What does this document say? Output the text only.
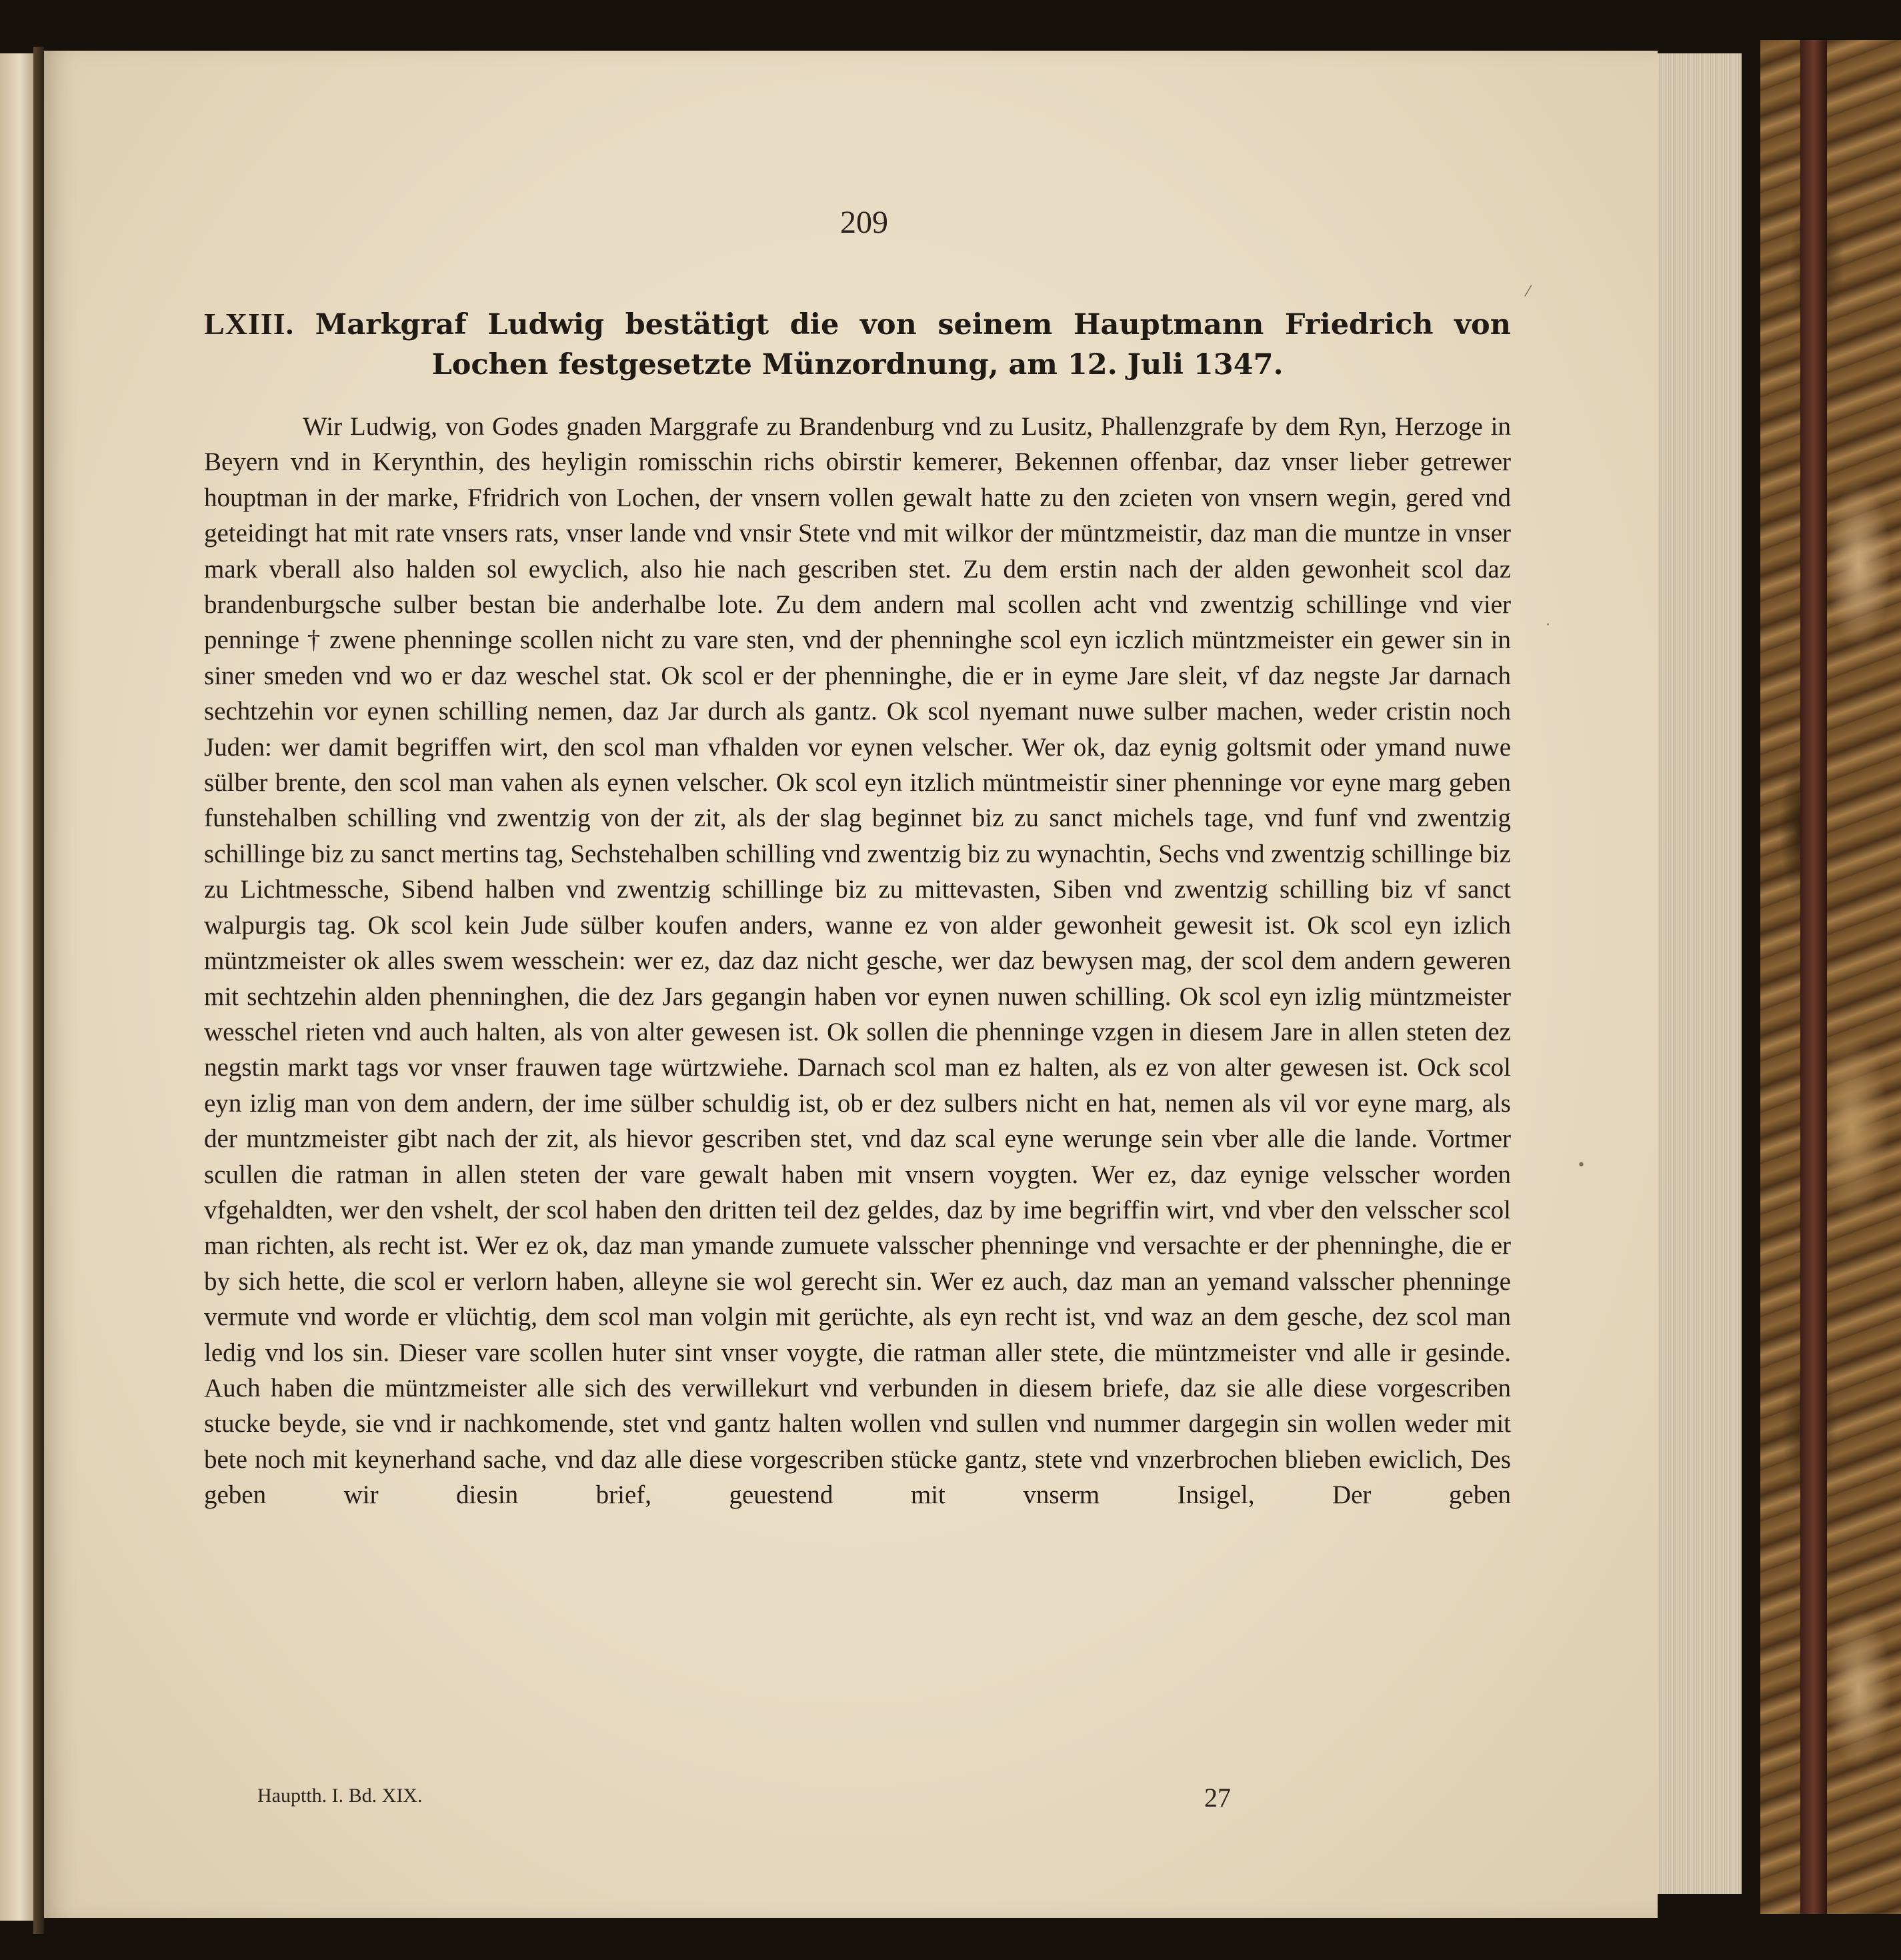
209

LXIII. Markgraf Ludwig bestätigt die von seinem Hauptmann Friedrich von Lochen festgesetzte Münzordnung, am 12. Juli 1347.

Wir Ludwig, von Godes gnaden Marggrafe zu Brandenburg vnd zu Lusitz, Phallenzgrafe by dem Ryn, Herzoge in Beyern vnd in Kerynthin, des heyligin romisschin richs obirstir kemerer, Bekennen offenbar, daz vnser lieber getrewer houptman in der marke, Ffridrich von Lochen, der vnsern vollen gewalt hatte zu den zcieten von vnsern wegin, gered vnd geteidingt hat mit rate vnsers rats, vnser lande vnd vnsir Stete vnd mit wilkor der müntzmeistir, daz man die muntze in vnser mark vberall also halden sol ewyclich, also hie nach gescriben stet. Zu dem erstin nach der alden gewonheit scol daz brandenburgsche sulber bestan bie anderhalbe lote. Zu dem andern mal scollen acht vnd zwentzig schillinge vnd vier penninge † zwene phenninge scollen nicht zu vare sten, vnd der phenninghe scol eyn iczlich müntzmeister ein gewer sin in siner smeden vnd wo er daz weschel stat. Ok scol er der phenninghe, die er in eyme Jare sleit, vf daz negste Jar darnach sechtzehin vor eynen schilling nemen, daz Jar durch als gantz. Ok scol nyemant nuwe sulber machen, weder cristin noch Juden: wer damit begriffen wirt, den scol man vfhalden vor eynen velscher. Wer ok, daz eynig goltsmit oder ymand nuwe sülber brente, den scol man vahen als eynen velscher. Ok scol eyn itzlich müntmeistir siner phenninge vor eyne marg geben funstehalben schilling vnd zwentzig von der zit, als der slag beginnet biz zu sanct michels tage, vnd funf vnd zwentzig schillinge biz zu sanct mertins tag, Sechstehalben schilling vnd zwentzig biz zu wynachtin, Sechs vnd zwentzig schillinge biz zu Lichtmessche, Sibend halben vnd zwentzig schillinge biz zu mittevasten, Siben vnd zwentzig schilling biz vf sanct walpurgis tag. Ok scol kein Jude sülber koufen anders, wanne ez von alder gewonheit gewesit ist. Ok scol eyn izlich müntzmeister ok alles swem wesschein: wer ez, daz daz nicht gesche, wer daz bewysen mag, der scol dem andern geweren mit sechtzehin alden phenninghen, die dez Jars gegangin haben vor eynen nuwen schilling. Ok scol eyn izlig müntzmeister wesschel rieten vnd auch halten, als von alter gewesen ist. Ok sollen die phenninge vzgen in diesem Jare in allen steten dez negstin markt tags vor vnser frauwen tage würtzwiehe. Darnach scol man ez halten, als ez von alter gewesen ist. Ock scol eyn izlig man von dem andern, der ime sülber schuldig ist, ob er dez sulbers nicht en hat, nemen als vil vor eyne marg, als der muntzmeister gibt nach der zit, als hievor gescriben stet, vnd daz scal eyne werunge sein vber alle die lande. Vortmer scullen die ratman in allen steten der vare gewalt haben mit vnsern voygten. Wer ez, daz eynige velsscher worden vfgehaldten, wer den vshelt, der scol haben den dritten teil dez geldes, daz by ime begriffin wirt, vnd vber den velsscher scol man richten, als recht ist. Wer ez ok, daz man ymande zumuete valsscher phenninge vnd versachte er der phenninghe, die er by sich hette, die scol er verlorn haben, alleyne sie wol gerecht sin. Wer ez auch, daz man an yemand valsscher phenninge vermute vnd worde er vlüchtig, dem scol man volgin mit gerüchte, als eyn recht ist, vnd waz an dem gesche, dez scol man ledig vnd los sin. Dieser vare scollen huter sint vnser voygte, die ratman aller stete, die müntzmeister vnd alle ir gesinde. Auch haben die müntzmeister alle sich des verwillekurt vnd verbunden in diesem briefe, daz sie alle diese vorgescriben stucke beyde, sie vnd ir nachkomende, stet vnd gantz halten wollen vnd sullen vnd nummer dargegin sin wollen weder mit bete noch mit keynerhand sache, vnd daz alle diese vorgescriben stücke gantz, stete vnd vnzerbrochen blieben ewiclich, Des geben wir diesin brief, geuestend mit vnserm Insigel, Der geben

Hauptth. I. Bd. XIX.	27

⁄
·
•
